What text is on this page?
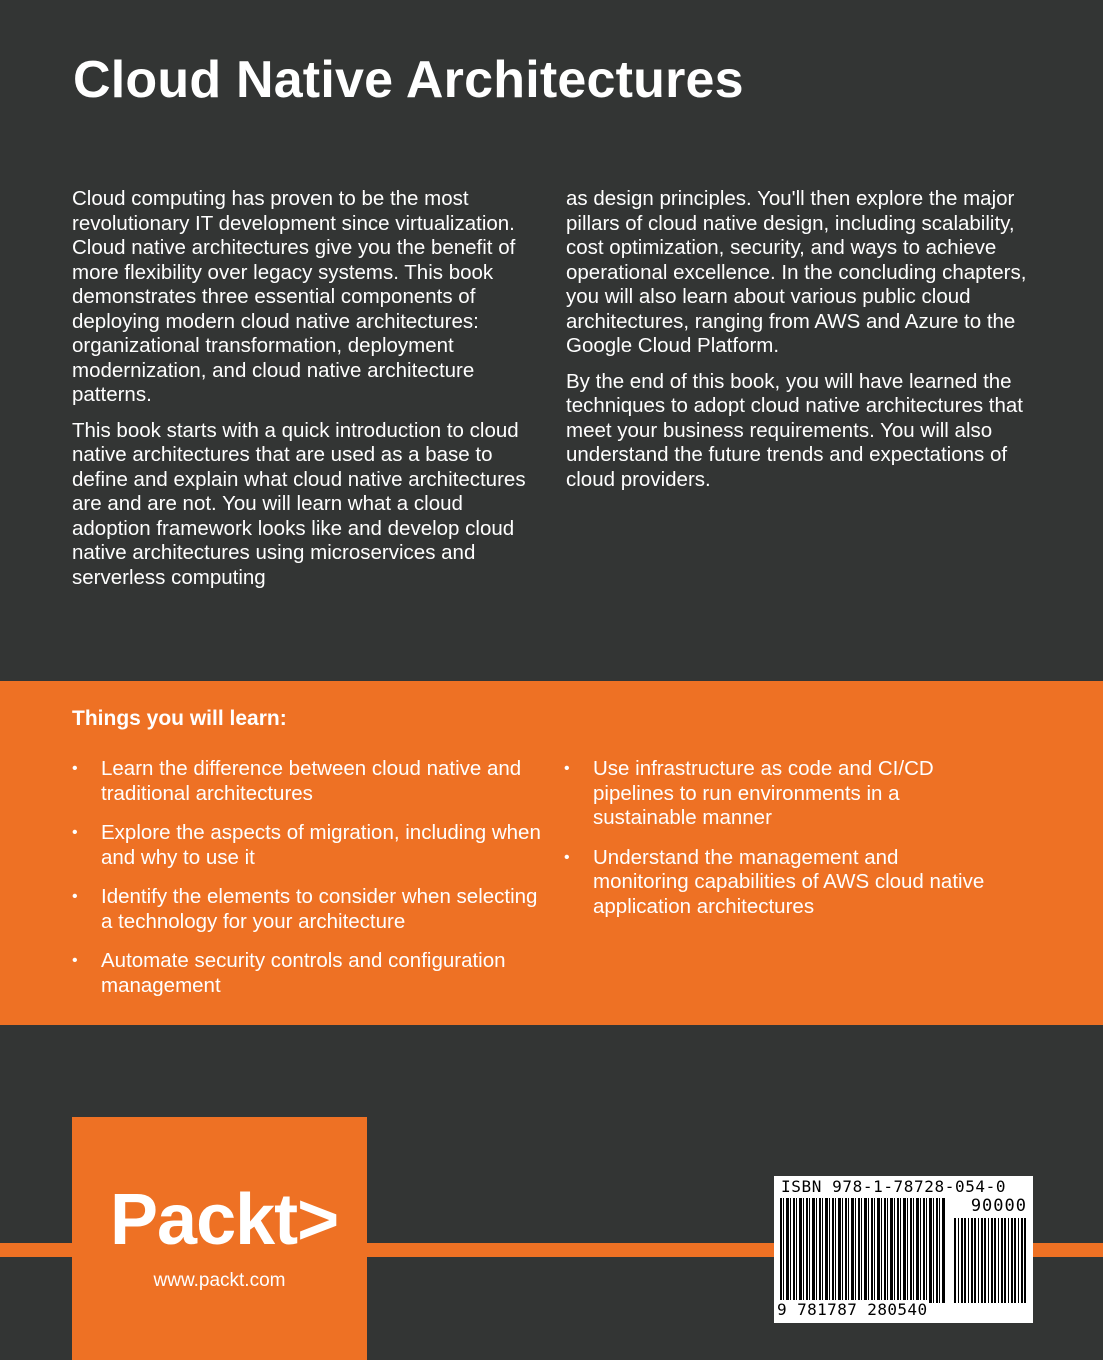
Cloud Native Architectures

Cloud computing has proven to be the most revolutionary IT development since virtualization. Cloud native architectures give you the benefit of more flexibility over legacy systems. This book demonstrates three essential components of deploying modern cloud native architectures: organizational transformation, deployment modernization, and cloud native architecture patterns.

This book starts with a quick introduction to cloud native architectures that are used as a base to define and explain what cloud native architectures are and are not. You will learn what a cloud adoption framework looks like and develop cloud native architectures using microservices and serverless computing

as design principles. You'll then explore the major pillars of cloud native design, including scalability, cost optimization, security, and ways to achieve operational excellence. In the concluding chapters, you will also learn about various public cloud architectures, ranging from AWS and Azure to the Google Cloud Platform.

By the end of this book, you will have learned the techniques to adopt cloud native architectures that meet your business requirements. You will also understand the future trends and expectations of cloud providers.

Things you will learn:
• Learn the difference between cloud native and traditional architectures
• Explore the aspects of migration, including when and why to use it
• Identify the elements to consider when selecting a technology for your architecture
• Automate security controls and configuration management
• Use infrastructure as code and CI/CD pipelines to run environments in a sustainable manner
• Understand the management and monitoring capabilities of AWS cloud native application architectures
Packt>
www.packt.com
ISBN 978-1-78728-054-0
90000
9 781787 280540
